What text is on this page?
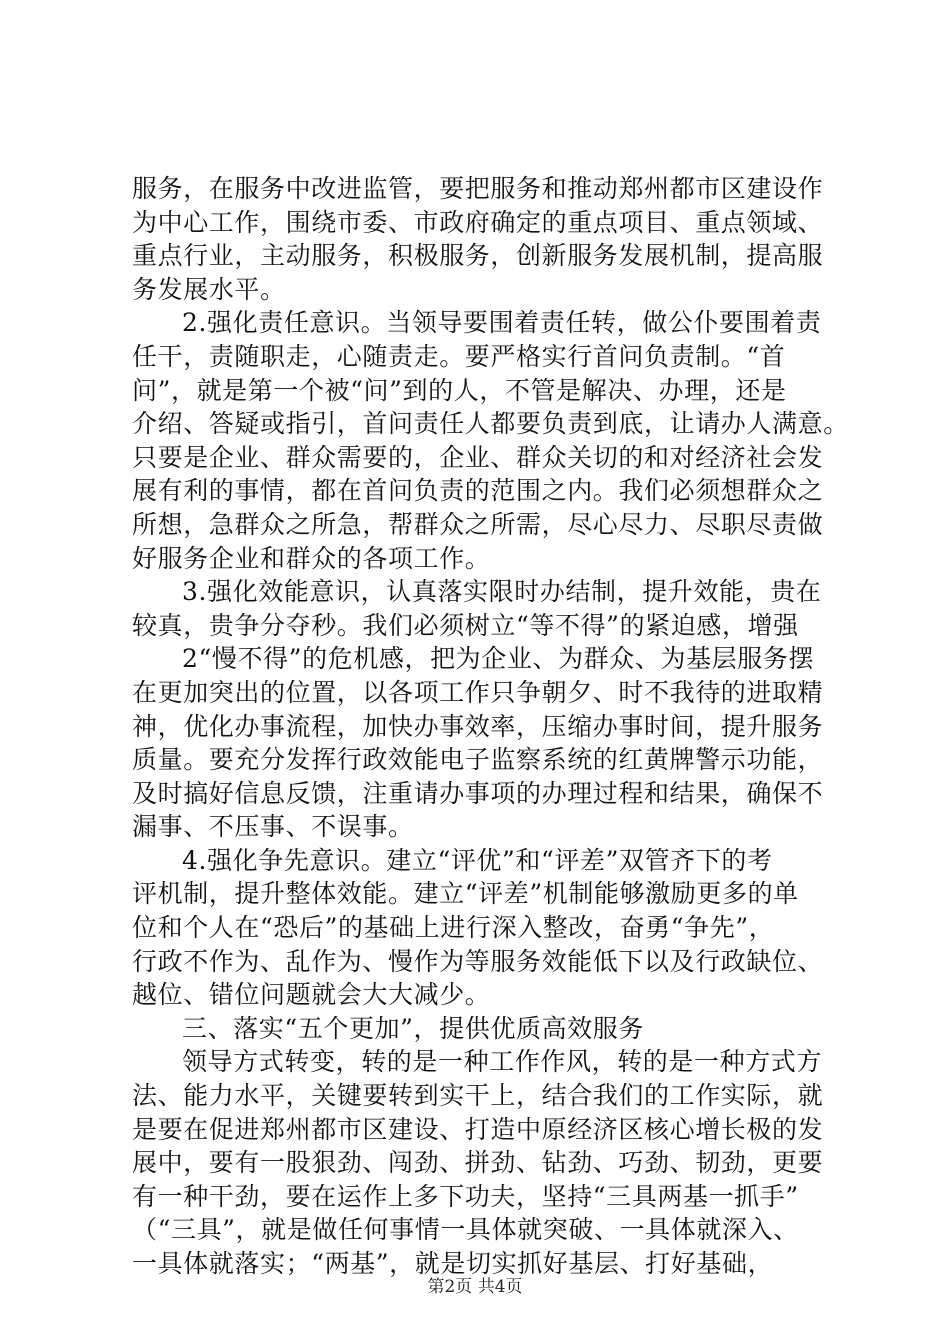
服务，在服务中改进监管，要把服务和推动郑州都市区建设作
为中心工作，围绕市委、市政府确定的重点项目、重点领域、
重点行业，主动服务，积极服务，创新服务发展机制，提高服
务发展水平。
2.强化责任意识。当领导要围着责任转，做公仆要围着责
任干，责随职走，心随责走。要严格实行首问负责制。“首
问”，就是第一个被“问”到的人，不管是解决、办理，还是
介绍、答疑或指引，首问责任人都要负责到底，让请办人满意。
只要是企业、群众需要的，企业、群众关切的和对经济社会发
展有利的事情，都在首问负责的范围之内。我们必须想群众之
所想，急群众之所急，帮群众之所需，尽心尽力、尽职尽责做
好服务企业和群众的各项工作。
3.强化效能意识，认真落实限时办结制，提升效能，贵在
较真，贵争分夺秒。我们必须树立“等不得”的紧迫感，增强
2“慢不得”的危机感，把为企业、为群众、为基层服务摆
在更加突出的位置，以各项工作只争朝夕、时不我待的进取精
神，优化办事流程，加快办事效率，压缩办事时间，提升服务
质量。要充分发挥行政效能电子监察系统的红黄牌警示功能，
及时搞好信息反馈，注重请办事项的办理过程和结果，确保不
漏事、不压事、不误事。
4.强化争先意识。建立“评优”和“评差”双管齐下的考
评机制，提升整体效能。建立“评差”机制能够激励更多的单
位和个人在“恐后”的基础上进行深入整改，奋勇“争先”，
行政不作为、乱作为、慢作为等服务效能低下以及行政缺位、
越位、错位问题就会大大减少。
三、落实“五个更加”，提供优质高效服务
领导方式转变，转的是一种工作作风，转的是一种方式方
法、能力水平，关键要转到实干上，结合我们的工作实际，就
是要在促进郑州都市区建设、打造中原经济区核心增长极的发
展中，要有一股狠劲、闯劲、拼劲、钻劲、巧劲、韧劲，更要
有一种干劲，要在运作上多下功夫，坚持“三具两基一抓手”
（“三具”，就是做任何事情一具体就突破、一具体就深入、
一具体就落实；“两基”，就是切实抓好基层、打好基础，
第2页 共4页
